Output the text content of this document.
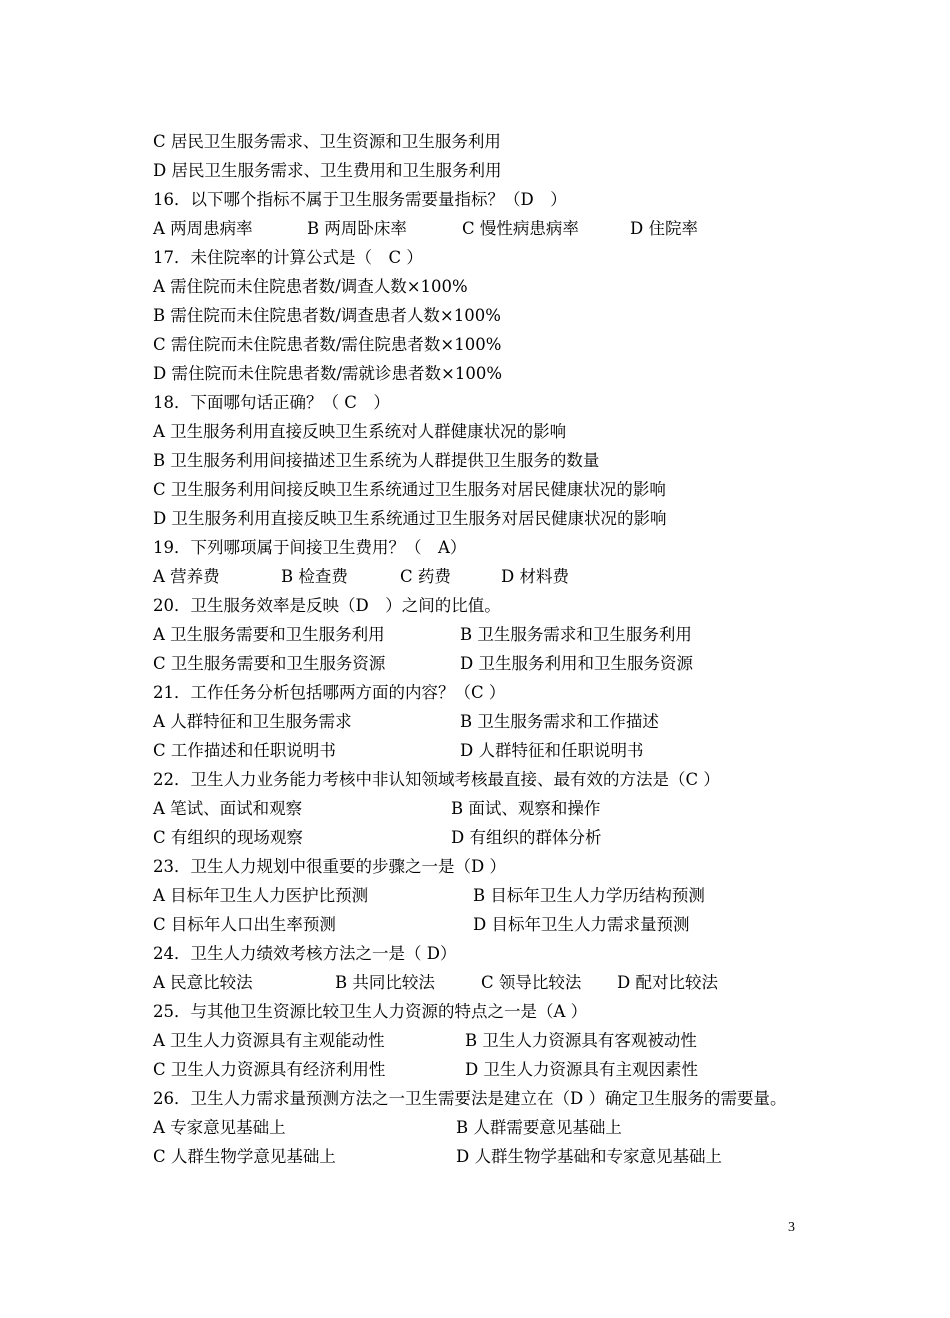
C 居民卫生服务需求、卫生资源和卫生服务利用
D 居民卫生服务需求、卫生费用和卫生服务利用
16．以下哪个指标不属于卫生服务需要量指标？（D　）
A 两周患病率	B 两周卧床率	C 慢性病患病率	D 住院率
17．未住院率的计算公式是（　C ）
A 需住院而未住院患者数/调查人数×100%
B 需住院而未住院患者数/调查患者人数×100%
C 需住院而未住院患者数/需住院患者数×100%
D 需住院而未住院患者数/需就诊患者数×100%
18．下面哪句话正确？（ C　）
A 卫生服务利用直接反映卫生系统对人群健康状况的影响
B 卫生服务利用间接描述卫生系统为人群提供卫生服务的数量
C 卫生服务利用间接反映卫生系统通过卫生服务对居民健康状况的影响
D 卫生服务利用直接反映卫生系统通过卫生服务对居民健康状况的影响
19．下列哪项属于间接卫生费用？（　A）
A 营养费	B 检查费	C 药费	D 材料费
20．卫生服务效率是反映（D　）之间的比值。
A 卫生服务需要和卫生服务利用	B 卫生服务需求和卫生服务利用
C 卫生服务需要和卫生服务资源	D 卫生服务利用和卫生服务资源
21．工作任务分析包括哪两方面的内容？（C ）
A 人群特征和卫生服务需求	B 卫生服务需求和工作描述
C 工作描述和任职说明书	D 人群特征和任职说明书
22．卫生人力业务能力考核中非认知领域考核最直接、最有效的方法是（C ）
A 笔试、面试和观察	B 面试、观察和操作
C 有组织的现场观察	D 有组织的群体分析
23．卫生人力规划中很重要的步骤之一是（D ）
A 目标年卫生人力医护比预测	B 目标年卫生人力学历结构预测
C 目标年人口出生率预测	D 目标年卫生人力需求量预测
24．卫生人力绩效考核方法之一是（ D）
A 民意比较法	B 共同比较法	C 领导比较法 D 配对比较法
25．与其他卫生资源比较卫生人力资源的特点之一是（A ）
A 卫生人力资源具有主观能动性	B 卫生人力资源具有客观被动性
C 卫生人力资源具有经济利用性	D 卫生人力资源具有主观因素性
26．卫生人力需求量预测方法之一卫生需要法是建立在（D ）确定卫生服务的需要量。
A 专家意见基础上	B 人群需要意见基础上
C 人群生物学意见基础上	D 人群生物学基础和专家意见基础上
3
